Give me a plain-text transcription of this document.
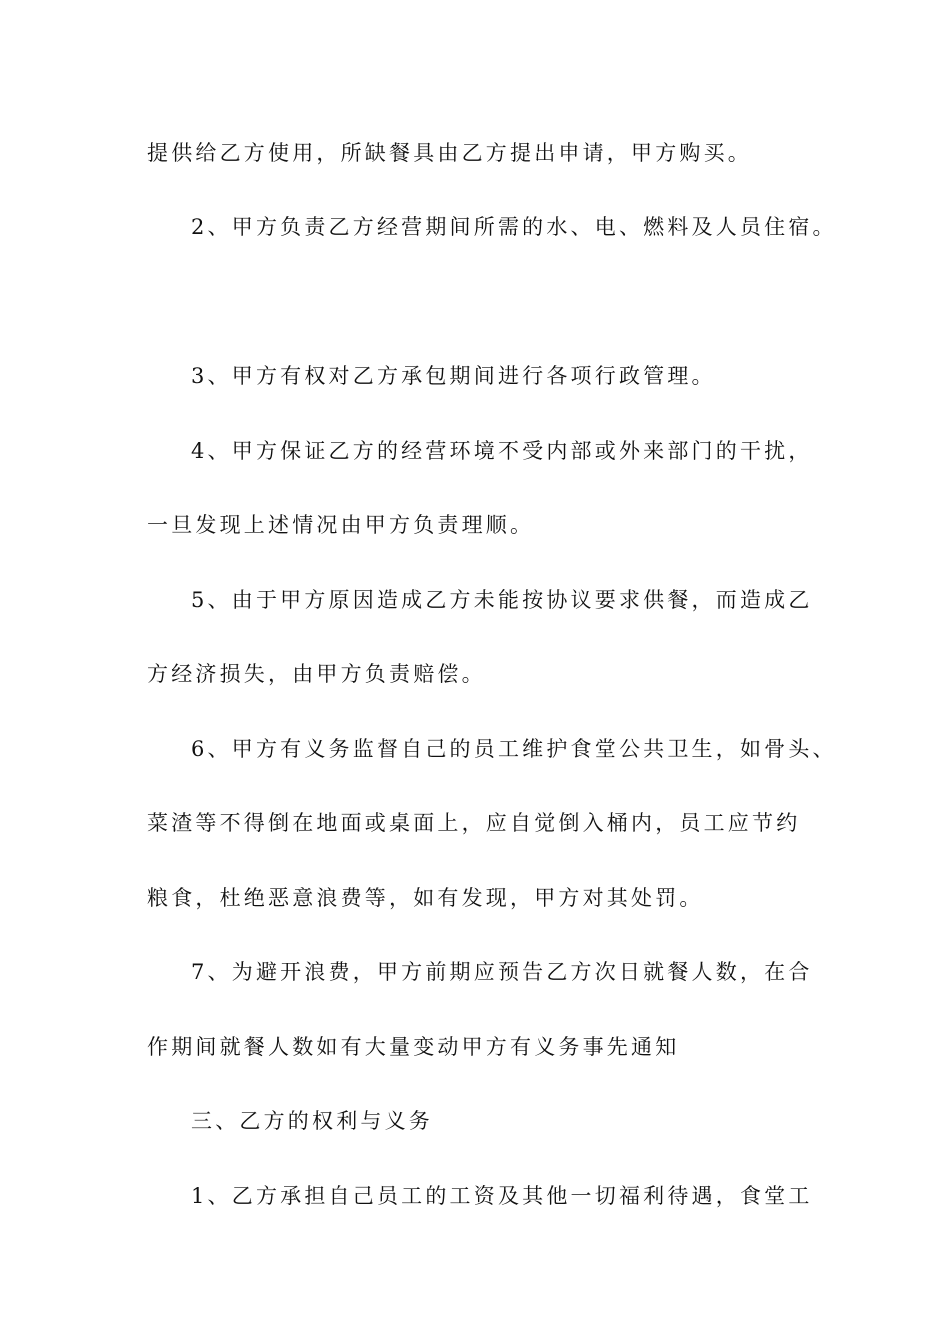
提供给乙方使用，所缺餐具由乙方提出申请，甲方购买。
2、甲方负责乙方经营期间所需的水、电、燃料及人员住宿。
3、甲方有权对乙方承包期间进行各项行政管理。
4、甲方保证乙方的经营环境不受内部或外来部门的干扰，
一旦发现上述情况由甲方负责理顺。
5、由于甲方原因造成乙方未能按协议要求供餐，而造成乙
方经济损失，由甲方负责赔偿。
6、甲方有义务监督自己的员工维护食堂公共卫生，如骨头、
菜渣等不得倒在地面或桌面上，应自觉倒入桶内，员工应节约
粮食，杜绝恶意浪费等，如有发现，甲方对其处罚。
7、为避开浪费，甲方前期应预告乙方次日就餐人数，在合
作期间就餐人数如有大量变动甲方有义务事先通知
三、乙方的权利与义务
1、乙方承担自己员工的工资及其他一切福利待遇，食堂工
